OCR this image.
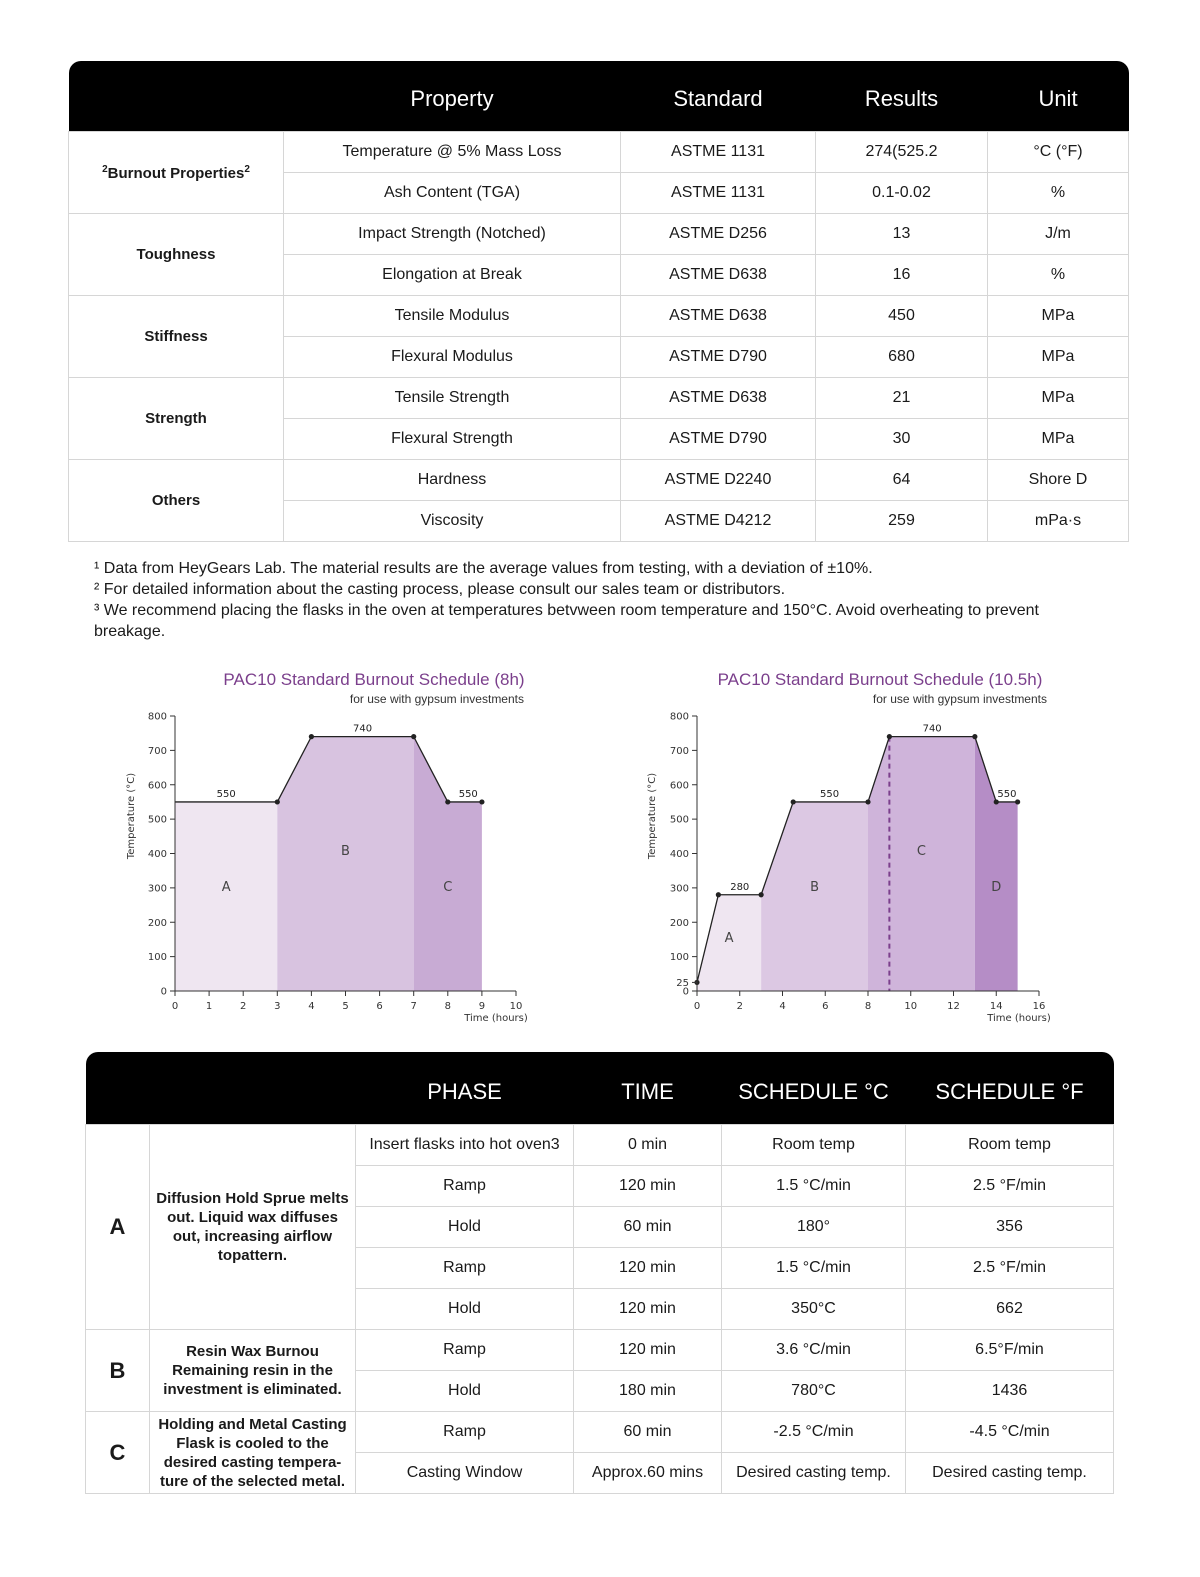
	Property	Standard	Results	Unit
$^2$Burnout Properties$^2$	Temperature @ 5% Mass Loss	ASTME 1131	274(525.2	°C (°F)
	Ash Content (TGA)	ASTME 1131	0.1-0.02	%
Toughness	Impact Strength (Notched)	ASTME D256	13	J/m
	Elongation at Break	ASTME D638	16	%
Stiffness	Tensile Modulus	ASTME D638	450	MPa
	Flexural Modulus	ASTME D790	680	MPa
Strength	Tensile Strength	ASTME D638	21	MPa
	Flexural Strength	ASTME D790	30	MPa
Others	Hardness	ASTME D2240	64	Shore D
	Viscosity	ASTME D4212	259	mPa·s

¹ Data from HeyGears Lab. The material results are the average values from testing, with a deviation of ±10%.

² For detailed information about the casting process, please consult our sales team or distributors.

³ We recommend placing the flasks in the oven at temperatures betvween room temperature and 150°C. Avoid overheating to prevent breakage.

PAC10 Standard Burnout Schedule (8h)
for use with gypsum investments
A
B
C
550
740
550
0
100
200
300
400
500
600
700
800
0	1	2	3	4	5	6	7	8	9 10
Time (hours)
Temperature (°C)
PAC10 Standard Burnout Schedule (10.5h)
for use with gypsum investments
A
B
C
D
280
550
740
550
0
25
100
200
300
400
500
600
700
800
0	2	4	6	8	10	12	14	16
Time (hours)
Temperature (°C)
		PHASE	TIME	SCHEDULE °C	SCHEDULE °F
A	Diffusion Hold Sprue melts out. Liquid wax diffuses out, increasing airflow topattern.	Insert flasks into hot oven3	0 min	Room temp	Room temp
		Ramp	120 min	1.5 °C/min	2.5 °F/min
		Hold	60 min	180°	356
		Ramp	120 min	1.5 °C/min	2.5 °F/min
		Hold	120 min	350°C	662
B	Resin Wax Burnou Remaining resin in the investment is eliminated.	Ramp	120 min	3.6 °C/min	6.5°F/min
		Hold	180 min	780°C	1436
C	Holding and Metal Casting Flask is cooled to the desired casting tempera- ture of the selected metal.	Ramp	60 min	-2.5 °C/min	-4.5 °C/min
		Casting Window	Approx.60 mins	Desired casting temp.	Desired casting temp.
